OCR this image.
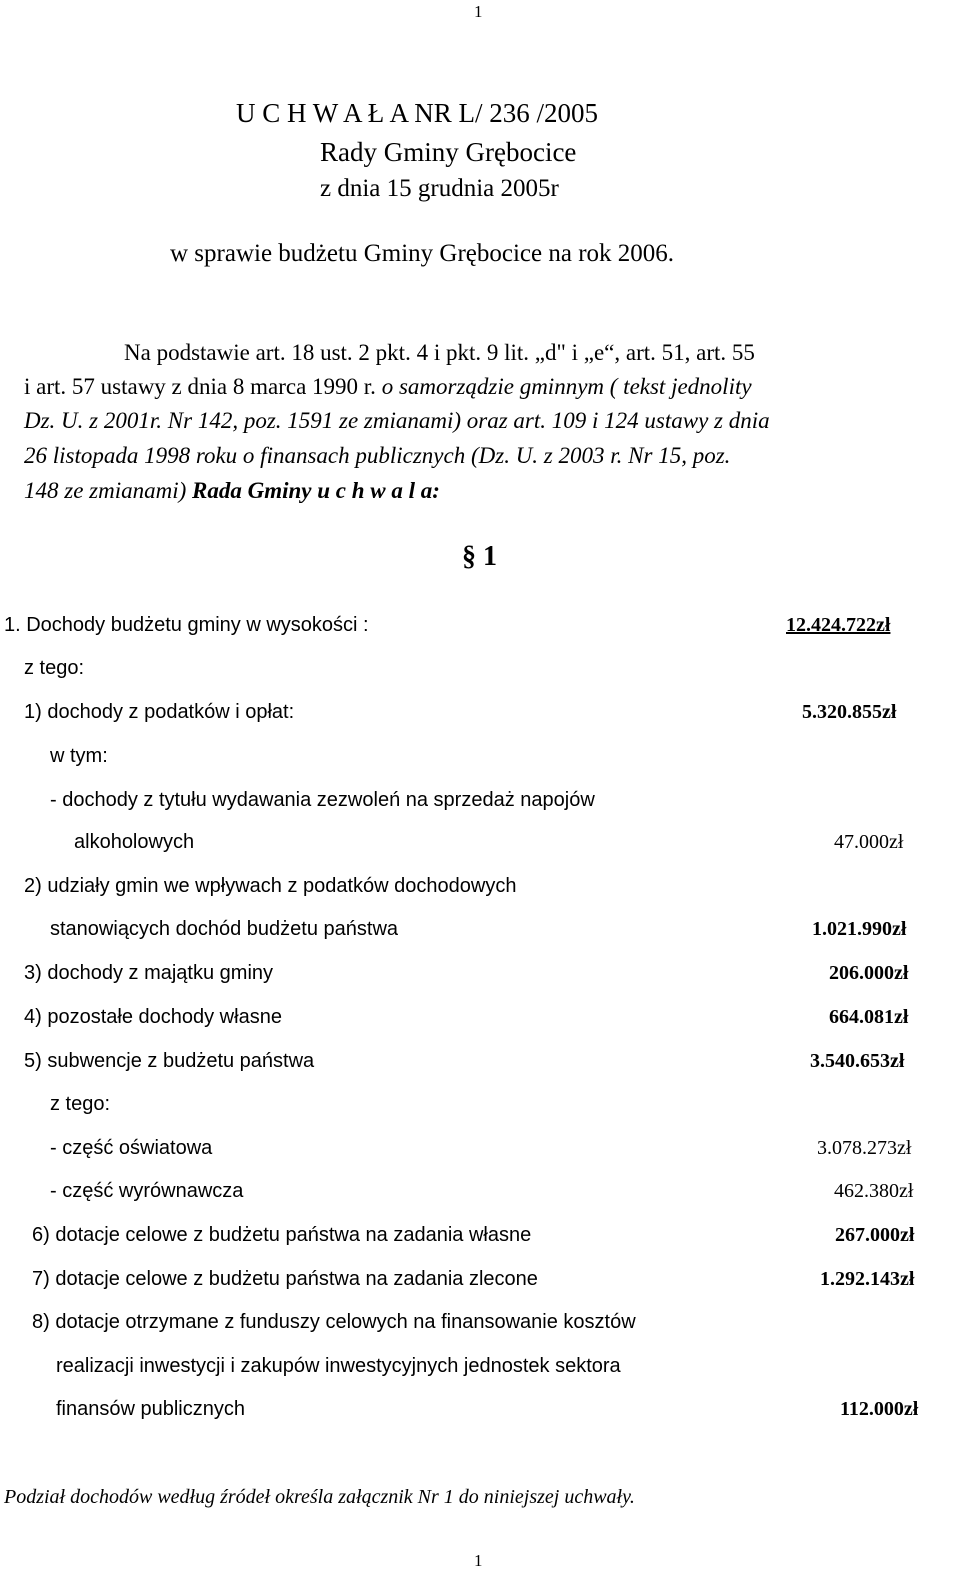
1
U C H W A Ł A NR L/ 236 /2005
Rady Gminy Grębocice
z dnia 15 grudnia 2005r
w sprawie budżetu Gminy Grębocice na rok 2006.
Na podstawie art. 18 ust. 2 pkt. 4 i pkt. 9 lit. „d" i „e“, art. 51, art. 55
i art. 57 ustawy z dnia 8 marca 1990 r. o samorządzie gminnym ( tekst jednolity
Dz. U. z 2001r. Nr 142, poz. 1591 ze zmianami) oraz art. 109 i 124 ustawy z dnia
26 listopada 1998 roku o finansach publicznych (Dz. U. z 2003 r. Nr 15, poz.
148 ze zmianami) Rada Gminy u c h w a l a:
§ 1
1. Dochody budżetu gminy w wysokości :	12.424.722zł
z tego:
1) dochody z podatków i opłat:	5.320.855zł
w tym:
- dochody z tytułu wydawania zezwoleń na sprzedaż napojów
alkoholowych	47.000zł
2) udziały gmin we wpływach z podatków dochodowych
stanowiących dochód budżetu państwa	1.021.990zł
3) dochody z majątku gminy	206.000zł
4) pozostałe dochody własne	664.081zł
5) subwencje z budżetu państwa	3.540.653zł
z tego:
- część oświatowa	3.078.273zł
- część wyrównawcza	462.380zł
6) dotacje celowe z budżetu państwa na zadania własne	267.000zł
7) dotacje celowe z budżetu państwa na zadania zlecone	1.292.143zł
8) dotacje otrzymane z funduszy celowych na finansowanie kosztów
realizacji inwestycji i zakupów inwestycyjnych jednostek sektora
finansów publicznych	112.000zł
Podział dochodów według źródeł określa załącznik Nr 1 do niniejszej uchwały.
1
